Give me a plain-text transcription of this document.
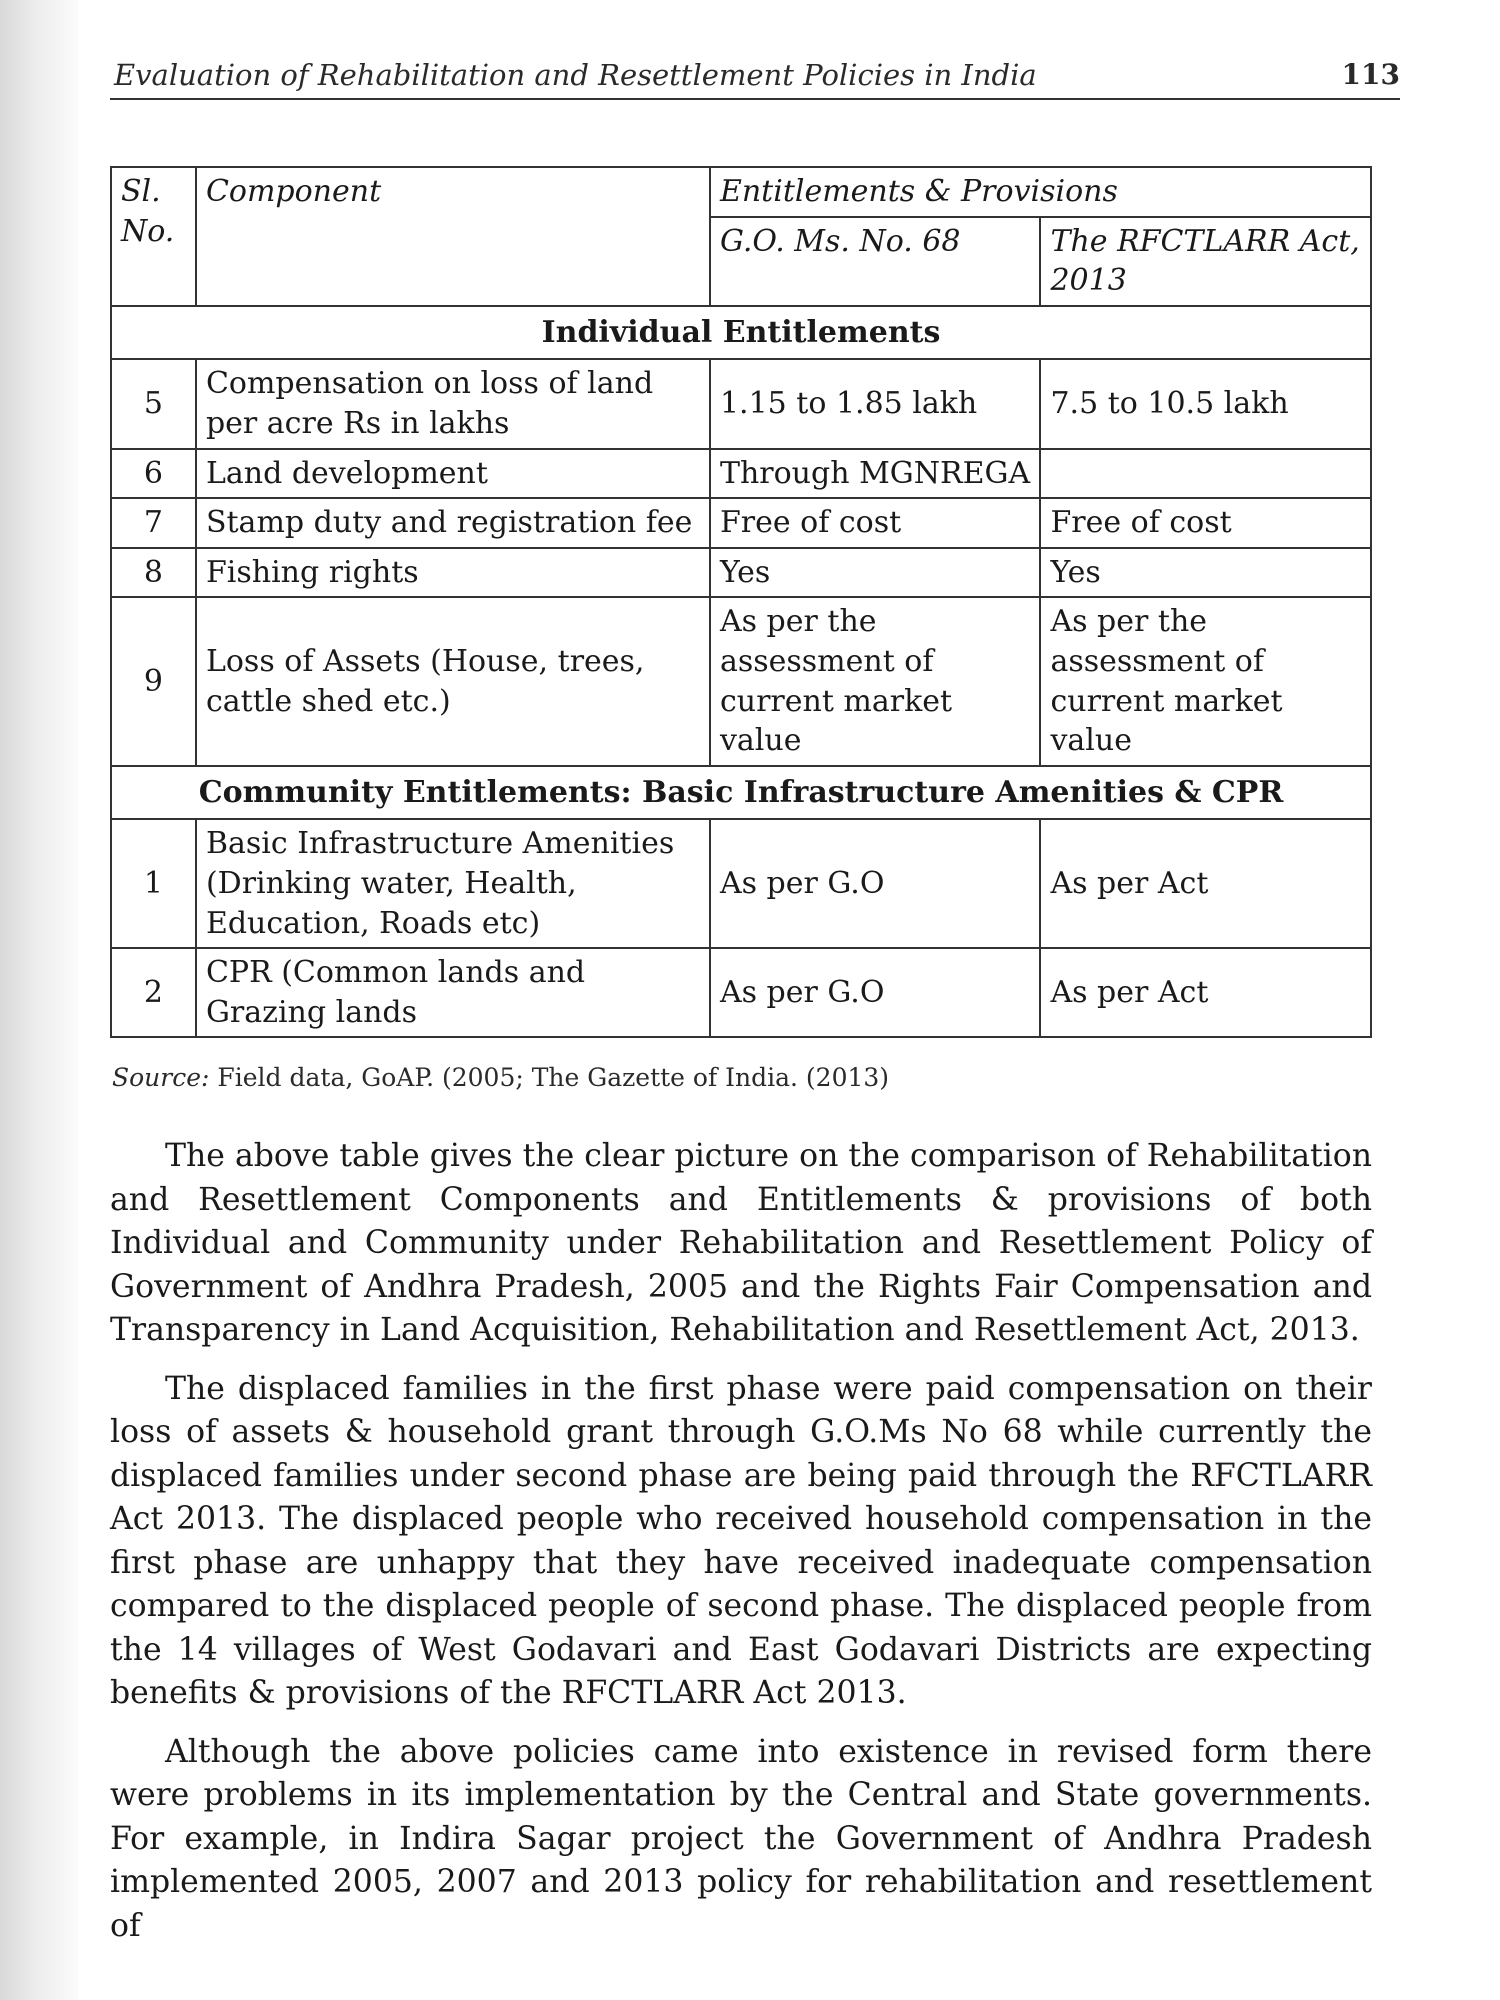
Evaluation of Rehabilitation and Resettlement Policies in India	113
Sl. No.	Component	Entitlements & Provisions	
		G.O. Ms. No. 68	The RFCTLARR Act, 2013
Individual Entitlements			
5	Compensation on loss of land per acre Rs in lakhs	1.15 to 1.85 lakh	7.5 to 10.5 lakh
6	Land development	Through MGNREGA	
7	Stamp duty and registration fee	Free of cost	Free of cost
8	Fishing rights	Yes	Yes
9	Loss of Assets (House, trees, cattle shed etc.)	As per the assessment of current market value	As per the assessment of current market value
Community Entitlements: Basic Infrastructure Amenities & CPR			
1	Basic Infrastructure Amenities (Drinking water, Health, Education, Roads etc)	As per G.O	As per Act
2	CPR (Common lands and Grazing lands	As per G.O	As per Act
Source: Field data, GoAP. (2005; The Gazette of India. (2013)

The above table gives the clear picture on the comparison of Rehabilitation and Resettlement Components and Entitlements & provisions of both Individual and Community under Rehabilitation and Resettlement Policy of Government of Andhra Pradesh, 2005 and the Rights Fair Compensation and Transparency in Land Acquisition, Rehabilitation and Resettlement Act, 2013.

The displaced families in the first phase were paid compensation on their loss of assets & household grant through G.O.Ms No 68 while currently the displaced families under second phase are being paid through the RFCTLARR Act 2013. The displaced people who received household compensation in the first phase are unhappy that they have received inadequate compensation compared to the displaced people of second phase. The displaced people from the 14 villages of West Godavari and East Godavari Districts are expecting benefits & provisions of the RFCTLARR Act 2013.

Although the above policies came into existence in revised form there were problems in its implementation by the Central and State governments. For example, in Indira Sagar project the Government of Andhra Pradesh implemented 2005, 2007 and 2013 policy for rehabilitation and resettlement of
